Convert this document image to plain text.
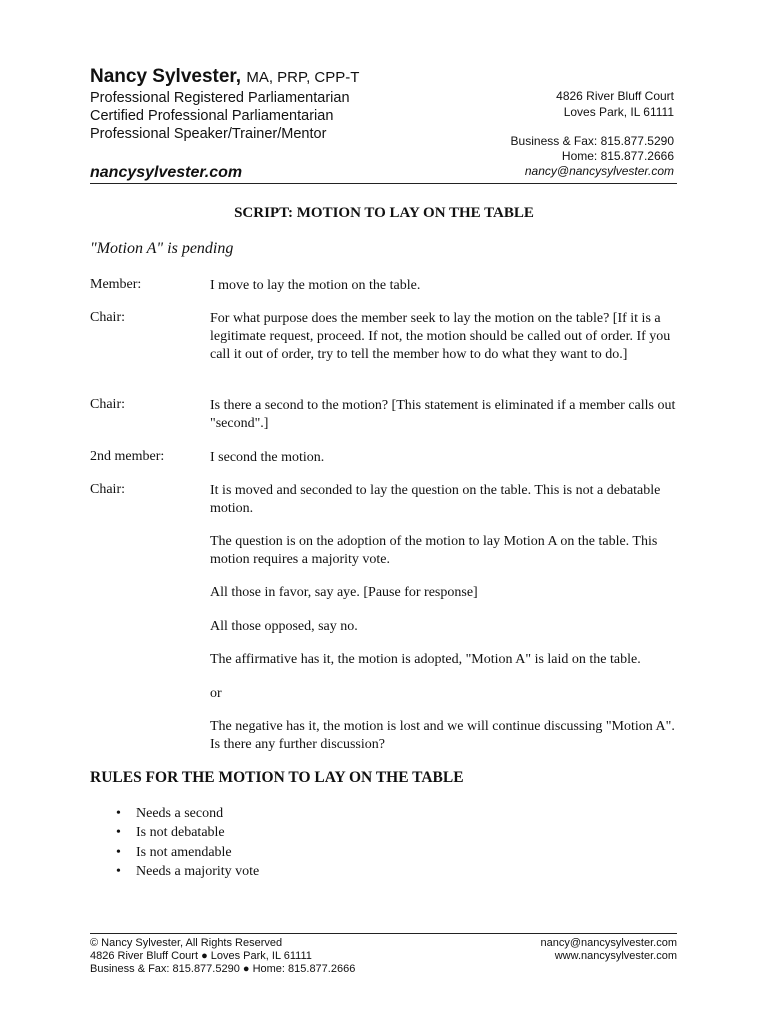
Nancy Sylvester, MA, PRP, CPP-T
Professional Registered Parliamentarian
Certified Professional Parliamentarian
Professional Speaker/Trainer/Mentor
nancysylvester.com
4826 River Bluff Court
Loves Park, IL 61111
Business & Fax: 815.877.5290
Home: 815.877.2666
nancy@nancysylvester.com
SCRIPT: MOTION TO LAY ON THE TABLE
"Motion A" is pending
Member:	I move to lay the motion on the table.
Chair:	For what purpose does the member seek to lay the motion on the table? [If it is a legitimate request, proceed. If not, the motion should be called out of order. If you call it out of order, try to tell the member how to do what they want to do.]
Chair:	Is there a second to the motion? [This statement is eliminated if a member calls out "second".]
2nd member:	I second the motion.
Chair:	It is moved and seconded to lay the question on the table. This is not a debatable motion.
The question is on the adoption of the motion to lay Motion A on the table. This motion requires a majority vote.
All those in favor, say aye. [Pause for response]
All those opposed, say no.
The affirmative has it, the motion is adopted, "Motion A" is laid on the table.
or
The negative has it, the motion is lost and we will continue discussing "Motion A". Is there any further discussion?
RULES FOR THE MOTION TO LAY ON THE TABLE
• Needs a second
• Is not debatable
• Is not amendable
• Needs a majority vote
© Nancy Sylvester, All Rights Reserved
4826 River Bluff Court ● Loves Park, IL 61111
Business & Fax: 815.877.5290 ● Home: 815.877.2666
nancy@nancysylvester.com
www.nancysylvester.com
